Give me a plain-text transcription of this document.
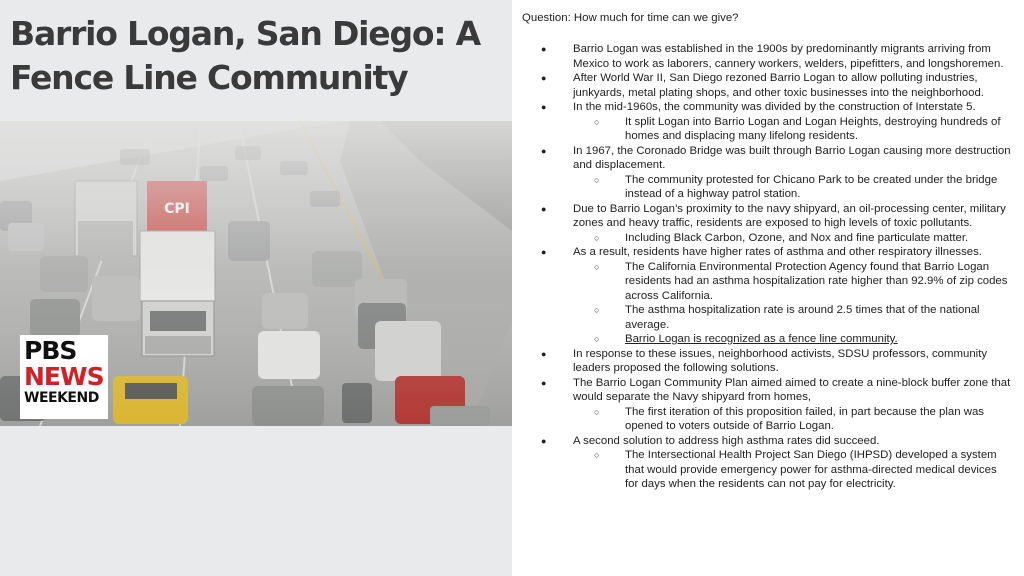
Barrio Logan, San Diego: A Fence Line Community
PBS
NEWS
WEEKEND

Question: How much for time can we give?

● Barrio Logan was established in the 1900s by predominantly migrants arriving from Mexico to work as laborers, cannery workers, welders, pipefitters, and longshoremen.
● After World War II, San Diego rezoned Barrio Logan to allow polluting industries, junkyards, metal plating shops, and other toxic businesses into the neighborhood.
● In the mid-1960s, the community was divided by the construction of Interstate 5.
○ It split Logan into Barrio Logan and Logan Heights, destroying hundreds of homes and displacing many lifelong residents.
● In 1967, the Coronado Bridge was built through Barrio Logan causing more destruction and displacement.
○ The community protested for Chicano Park to be created under the bridge instead of a highway patrol station.
● Due to Barrio Logan’s proximity to the navy shipyard, an oil-processing center, military zones and heavy traffic, residents are exposed to high levels of toxic pollutants.
○ Including Black Carbon, Ozone, and Nox and fine particulate matter.
● As a result, residents have higher rates of asthma and other respiratory illnesses.
○ The California Environmental Protection Agency found that Barrio Logan residents had an asthma hospitalization rate higher than 92.9% of zip codes across California.
○ The asthma hospitalization rate is around 2.5 times that of the national average.
○ Barrio Logan is recognized as a fence line community.
● In response to these issues, neighborhood activists, SDSU professors, community leaders proposed the following solutions.
● The Barrio Logan Community Plan aimed aimed to create a nine-block buffer zone that would separate the Navy shipyard from homes,
○ The first iteration of this proposition failed, in part because the plan was opened to voters outside of Barrio Logan.
● A second solution to address high asthma rates did succeed.
○ The Intersectional Health Project San Diego (IHPSD) developed a system that would provide emergency power for asthma-directed medical devices for days when the residents can not pay for electricity.
